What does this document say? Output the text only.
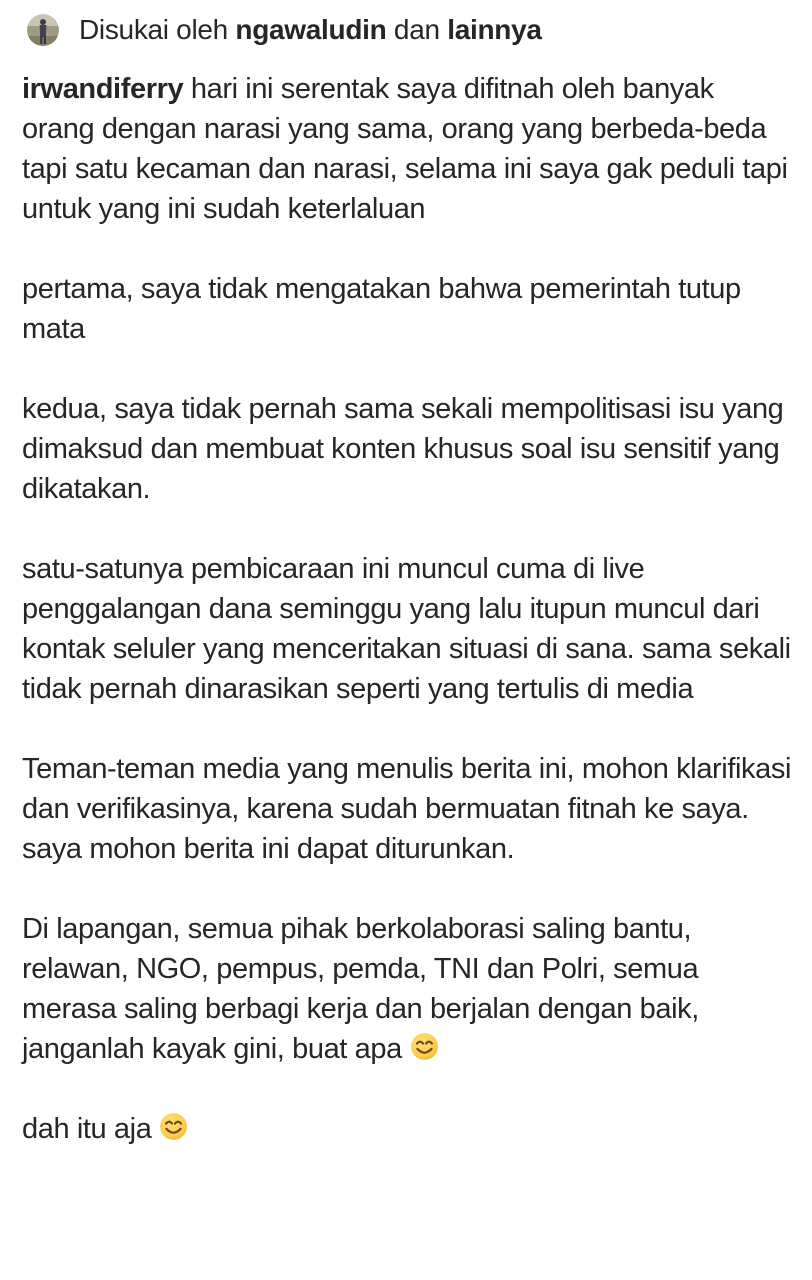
Disukai oleh ngawaludin dan lainnya

irwandiferry hari ini serentak saya difitnah oleh banyak orang dengan narasi yang sama, orang yang berbeda-beda tapi satu kecaman dan narasi, selama ini saya gak peduli tapi untuk yang ini sudah keterlaluan

pertama, saya tidak mengatakan bahwa pemerintah tutup mata

kedua, saya tidak pernah sama sekali mempolitisasi isu yang dimaksud dan membuat konten khusus soal isu sensitif yang dikatakan.

satu-satunya pembicaraan ini muncul cuma di live penggalangan dana seminggu yang lalu itupun muncul dari kontak seluler yang menceritakan situasi di sana. sama sekali tidak pernah dinarasikan seperti yang tertulis di media

Teman-teman media yang menulis berita ini, mohon klarifikasi dan verifikasinya, karena sudah bermuatan fitnah ke saya. saya mohon berita ini dapat diturunkan.

Di lapangan, semua pihak berkolaborasi saling bantu, relawan, NGO, pempus, pemda, TNI dan Polri, semua merasa saling berbagi kerja dan berjalan dengan baik, janganlah kayak gini, buat apa

dah itu aja
